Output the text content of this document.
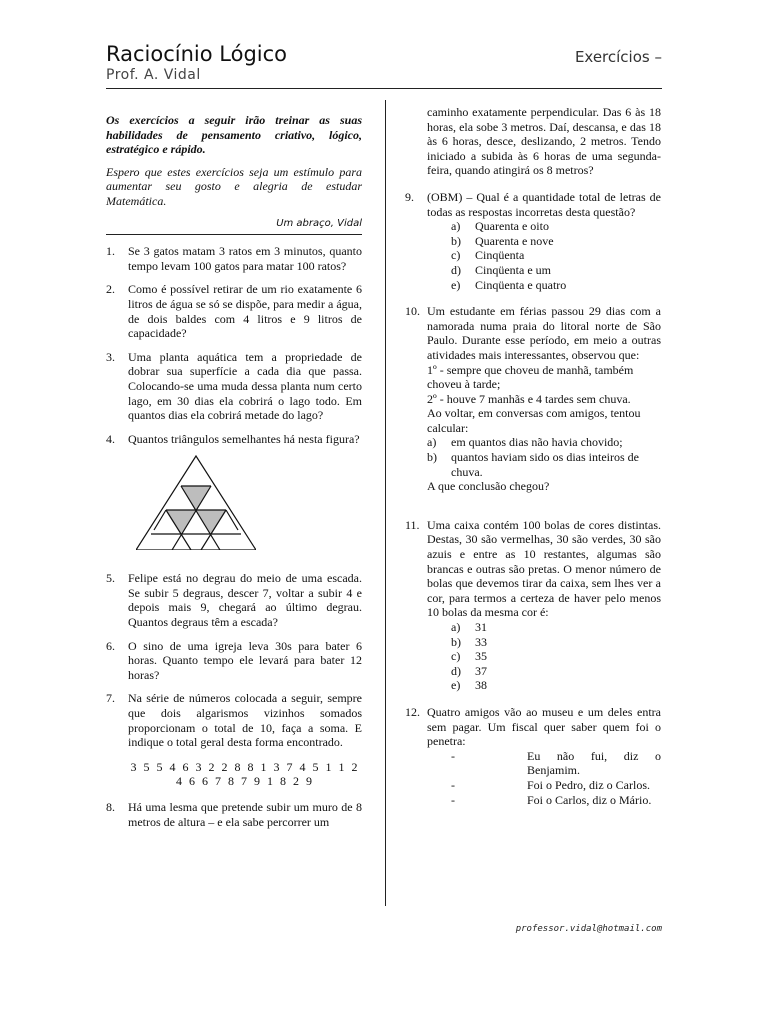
Raciocínio Lógico
Prof. A. Vidal
Exercícios –

Os exercícios a seguir irão treinar as suas habilidades de pensamento criativo, lógico, estratégico e rápido.

Espero que estes exercícios seja um estímulo para aumentar seu gosto e alegria de estudar Matemática.

Um abraço, Vidal
1.	Se 3 gatos matam 3 ratos em 3 minutos, quanto tempo levam 100 gatos para matar 100 ratos?

2.	Como é possível retirar de um rio exatamente 6 litros de água se só se dispõe, para medir a água, de dois baldes com 4 litros e 9 litros de capacidade?

3.	Uma planta aquática tem a propriedade de dobrar sua superfície a cada dia que passa. Colocando-se uma muda dessa planta num certo lago, em 30 dias ela cobrirá o lago todo. Em quantos dias ela cobrirá metade do lago?

4.	Quantos triângulos semelhantes há nesta figura?

5.	Felipe está no degrau do meio de uma escada. Se subir 5 degraus, descer 7, voltar a subir 4 e depois mais 9, chegará ao último degrau. Quantos degraus têm a escada?

6.	O sino de uma igreja leva 30s para bater 6 horas. Quanto tempo ele levará para bater 12 horas?

7.	Na série de números colocada a seguir, sempre que dois algarismos vizinhos somados proporcionam o total de 10, faça a soma. E indique o total geral desta forma encontrado.

3 5 5 4 6 3 2 2 8 8 1 3 7 4 5 1 1 2 4 6 6 7 8 7 9 1 8 2 9
8.	Há uma lesma que pretende subir um muro de 8 metros de altura – e ela sabe percorrer um

caminho exatamente perpendicular. Das 6 às 18 horas, ela sobe 3 metros. Daí, descansa, e das 18 às 6 horas, desce, deslizando, 2 metros. Tendo iniciado a subida às 6 horas de uma segunda-feira, quando atingirá os 8 metros?

9.	(OBM) – Qual é a quantidade total de letras de todas as respostas incorretas desta questão?

a)	Quarenta e oito
b)	Quarenta e nove
c)	Cinqüenta
d)	Cinqüenta e um
e)	Cinqüenta e quatro
10. Um estudante em férias passou 29 dias com a namorada numa praia do litoral norte de São Paulo. Durante esse período, em meio a outras atividades mais interessantes, observou que:

1º - sempre que choveu de manhã, também choveu à tarde;

2º - houve 7 manhãs e 4 tardes sem chuva.

Ao voltar, em conversas com amigos, tentou calcular:

a)	em quantos dias não havia chovido;
b)	quantos haviam sido os dias inteiros de chuva.

A que conclusão chegou?

11. Uma caixa contém 100 bolas de cores distintas. Destas, 30 são vermelhas, 30 são verdes, 30 são azuis e entre as 10 restantes, algumas são brancas e outras são pretas. O menor número de bolas que devemos tirar da caixa, sem lhes ver a cor, para termos a certeza de haver pelo menos 10 bolas da mesma cor é:

a)	31
b)	33
c)	35
d)	37
e)	38
12. Quatro amigos vão ao museu e um deles entra sem pagar. Um fiscal quer saber quem foi o penetra:

-	Eu não fui, diz o Benjamim.
-	Foi o Pedro, diz o Carlos.
-	Foi o Carlos, diz o Mário.
professor.vidal@hotmail.com
